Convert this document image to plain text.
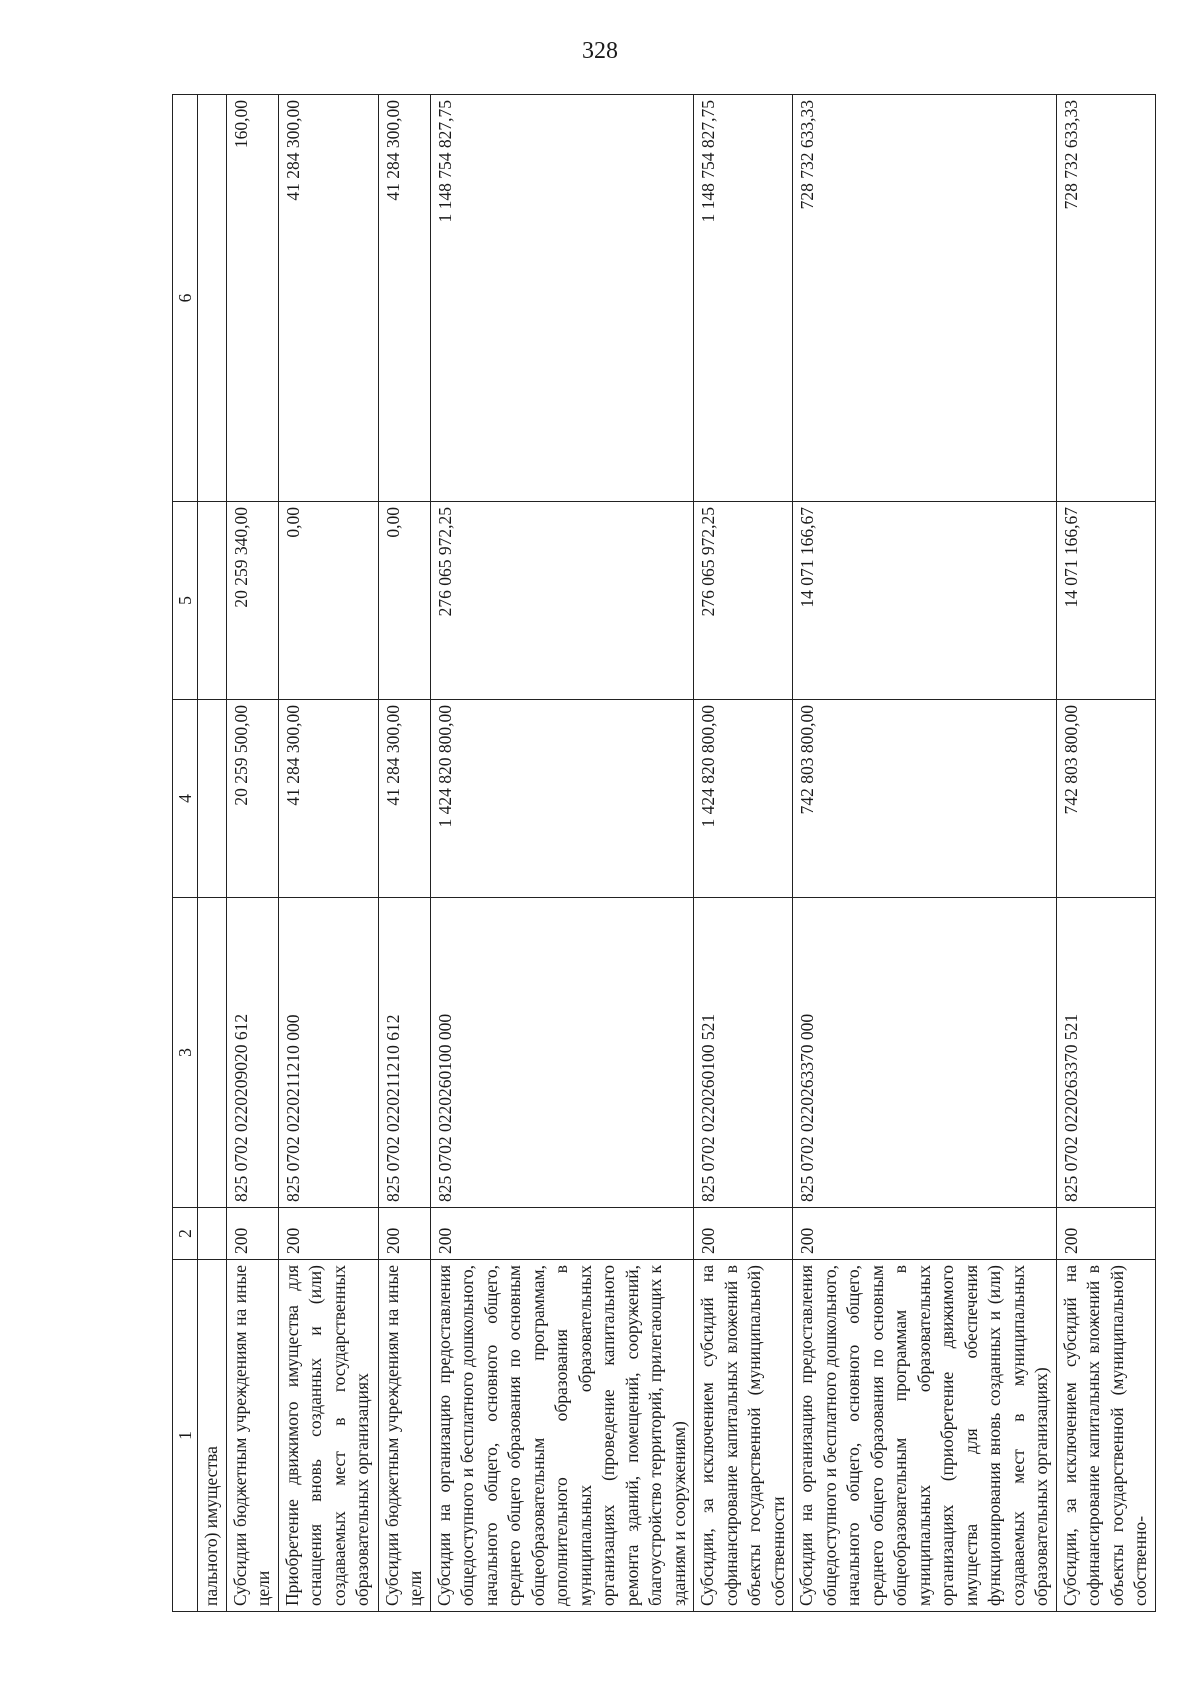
328
1	2	3	4	5	6
пального) имущества					
Субсидии бюджетным учреждениям на иные цели	200	825 0702 0220209020 612	20 259 500,00	20 259 340,00	160,00
Приобретение движимого имущества для оснащения вновь созданных и (или) создаваемых мест в государственных образовательных организациях	200	825 0702 0220211210 000	41 284 300,00	0,00	41 284 300,00
Субсидии бюджетным учреждениям на иные цели	200	825 0702 0220211210 612	41 284 300,00	0,00	41 284 300,00
Субсидии на организацию предоставления общедоступного и бесплатного дошкольного, начального общего, основного общего, среднего общего образования по основным общеобразовательным программам, дополнительного образования в муниципальных образовательных организациях (проведение капитального ремонта зданий, помещений, сооружений, благоустройство территорий, прилегающих к зданиям и сооружениям)	200	825 0702 0220260100 000	1 424 820 800,00	276 065 972,25	1 148 754 827,75
Субсидии, за исключением субсидий на софинансирование капитальных вложений в объекты государственной (муниципальной) собственности	200	825 0702 0220260100 521	1 424 820 800,00	276 065 972,25	1 148 754 827,75
Субсидии на организацию предоставления общедоступного и бесплатного дошкольного, начального общего, основного общего, среднего общего образования по основным общеобразовательным программам в муниципальных образовательных организациях (приобретение движимого имущества для обеспечения функционирования вновь созданных и (или) создаваемых мест в муниципальных образовательных организациях)	200	825 0702 0220263370 000	742 803 800,00	14 071 166,67	728 732 633,33
Субсидии, за исключением субсидий на софинансирование капитальных вложений в объекты государственной (муниципальной) собственно-	200	825 0702 0220263370 521	742 803 800,00	14 071 166,67	728 732 633,33
